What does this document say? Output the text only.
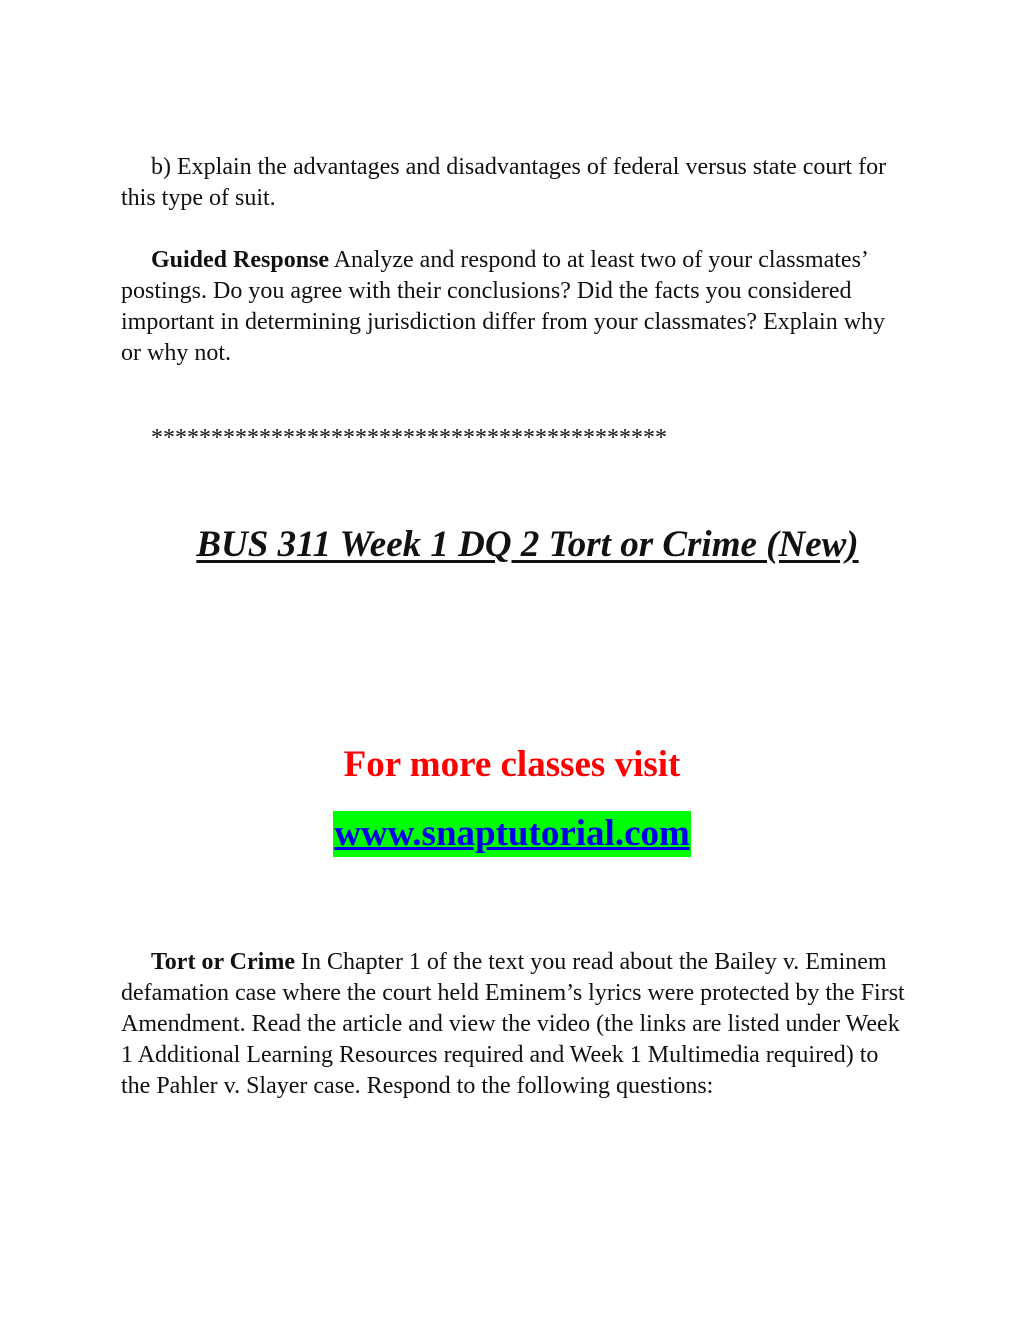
b) Explain the advantages and disadvantages of federal versus state court for this type of suit.

Guided Response Analyze and respond to at least two of your classmates’ postings. Do you agree with their conclusions? Did the facts you considered important in determining jurisdiction differ from your classmates? Explain why or why not.

*******************************************
BUS 311 Week 1 DQ 2 Tort or Crime (New)
For more classes visit
www.snaptutorial.com

Tort or Crime In Chapter 1 of the text you read about the Bailey v. Eminem defamation case where the court held Eminem’s lyrics were protected by the First Amendment. Read the article and view the video (the links are listed under Week 1 Additional Learning Resources required and Week 1 Multimedia required) to the Pahler v. Slayer case. Respond to the following questions:
